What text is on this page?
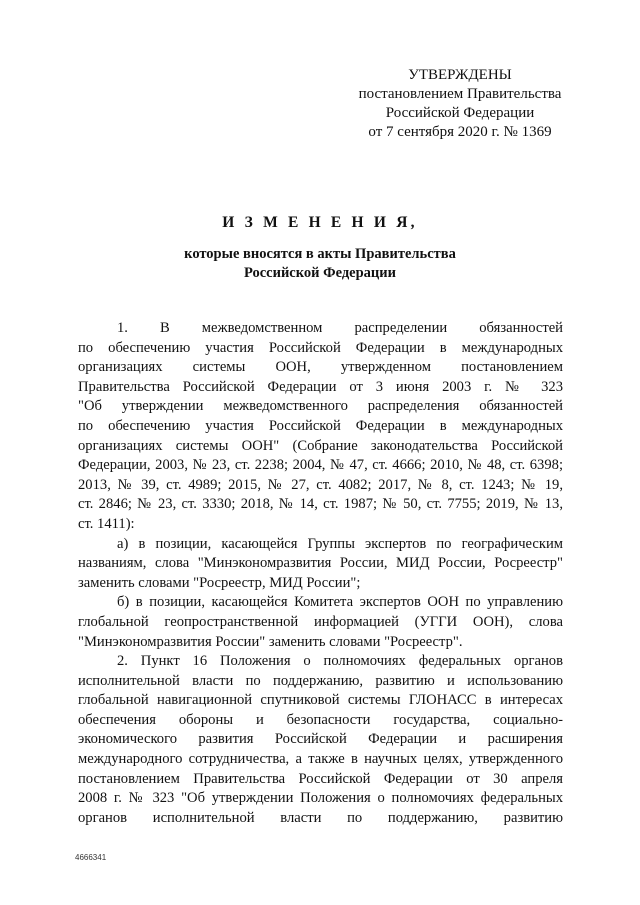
УТВЕРЖДЕНЫ
постановлением Правительства
Российской Федерации
от 7 сентября 2020 г. № 1369
И З М Е Н Е Н И Я,
которые вносятся в акты Правительства
Российской Федерации
1. В межведомственном распределении обязанностей
по обеспечению участия Российской Федерации в международных
организациях системы ООН, утвержденном постановлением
Правительства Российской Федерации от 3 июня 2003 г. № 323
"Об утверждении межведомственного распределения обязанностей
по обеспечению участия Российской Федерации в международных
организациях системы ООН" (Собрание законодательства Российской
Федерации, 2003, № 23, ст. 2238; 2004, № 47, ст. 4666; 2010, № 48, ст. 6398;
2013, № 39, ст. 4989; 2015, № 27, ст. 4082; 2017, № 8, ст. 1243; № 19,
ст. 2846; № 23, ст. 3330; 2018, № 14, ст. 1987; № 50, ст. 7755; 2019, № 13,
ст. 1411):
а) в позиции, касающейся Группы экспертов по географическим
названиям, слова "Минэкономразвития России, МИД России, Росреестр"
заменить словами "Росреестр, МИД России";
б) в позиции, касающейся Комитета экспертов ООН по управлению
глобальной геопространственной информацией (УГГИ ООН), слова
"Минэкономразвития России" заменить словами "Росреестр".
2. Пункт 16 Положения о полномочиях федеральных органов
исполнительной власти по поддержанию, развитию и использованию
глобальной навигационной спутниковой системы ГЛОНАСС в интересах
обеспечения обороны и безопасности государства, социально-
экономического развития Российской Федерации и расширения
международного сотрудничества, а также в научных целях, утвержденного
постановлением Правительства Российской Федерации от 30 апреля
2008 г. № 323 "Об утверждении Положения о полномочиях федеральных
органов исполнительной власти по поддержанию, развитию
4666341
